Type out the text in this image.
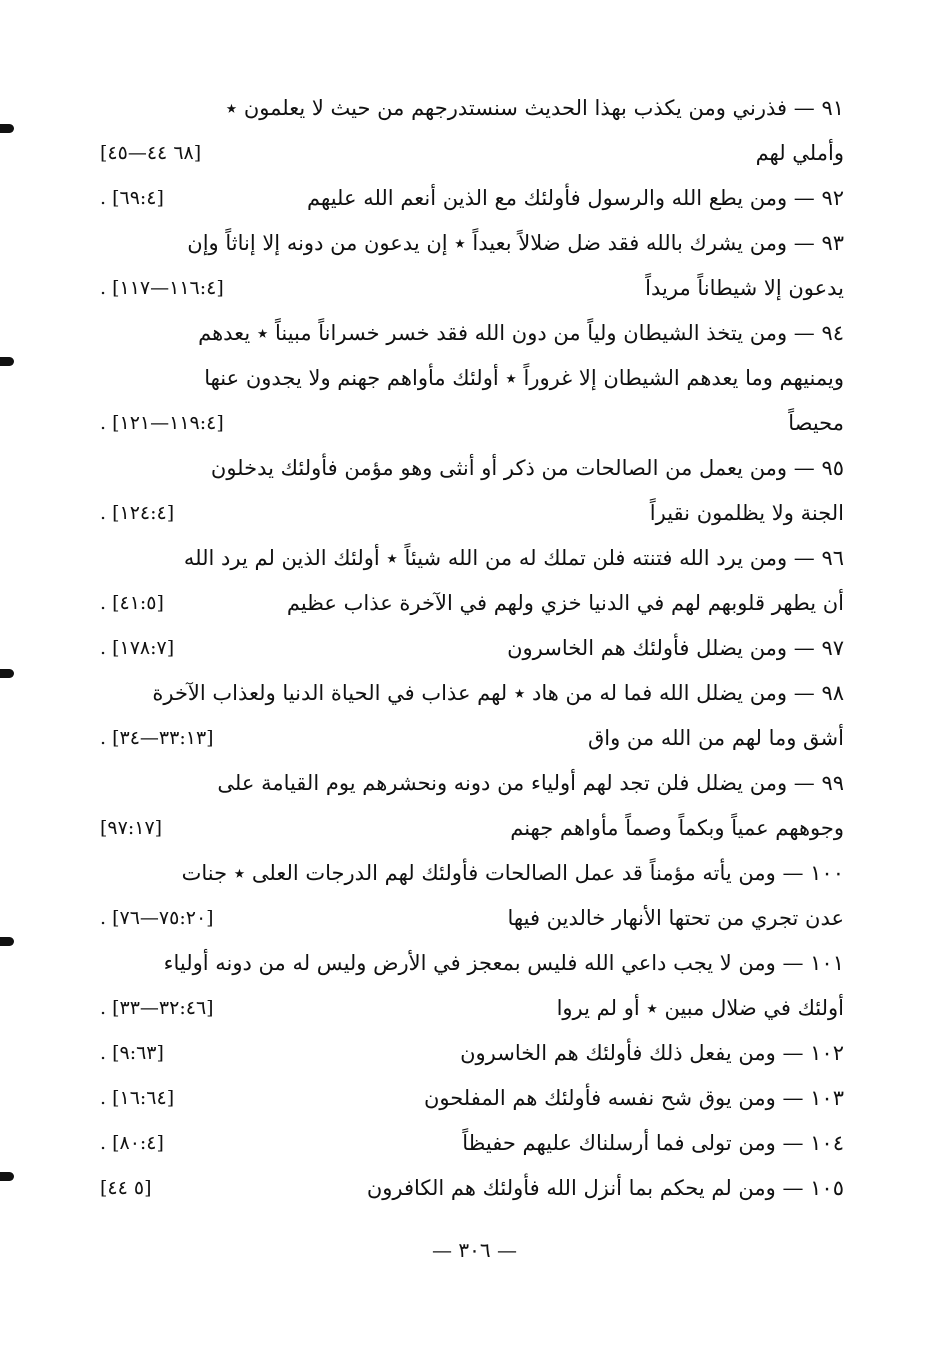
٩١ — فذرني ومن يكذب بهذا الحديث سنستدرجهم من حيث لا يعلمون ٭
وأملي لهم
[٦٨ ٤٤—٤٥]
٩٢ — ومن يطع الله والرسول فأولئك مع الذين أنعم الله عليهم
[٦٩:٤] .
٩٣ — ومن يشرك بالله فقد ضل ضلالاً بعيداً ٭ إن يدعون من دونه إلا إناثاً وإن
يدعون إلا شيطاناً مريداً
[١١٦:٤—١١٧] .
٩٤ — ومن يتخذ الشيطان ولياً من دون الله فقد خسر خسراناً مبيناً ٭ يعدهم
ويمنيهم وما يعدهم الشيطان إلا غروراً ٭ أولئك مأواهم جهنم ولا يجدون عنها
محيصاً
[١١٩:٤—١٢١] .
٩٥ — ومن يعمل من الصالحات من ذكر أو أنثى وهو مؤمن فأولئك يدخلون
الجنة ولا يظلمون نقيراً
[١٢٤:٤] .
٩٦ — ومن يرد الله فتنته فلن تملك له من الله شيئاً ٭ أولئك الذين لم يرد الله
أن يطهر قلوبهم لهم في الدنيا خزي ولهم في الآخرة عذاب عظيم
[٤١:٥] .
٩٧ — ومن يضلل فأولئك هم الخاسرون
[١٧٨:٧] .
٩٨ — ومن يضلل الله فما له من هاد ٭ لهم عذاب في الحياة الدنيا ولعذاب الآخرة
أشق وما لهم من الله من واق
[٣٣:١٣—٣٤] .
٩٩ — ومن يضلل فلن تجد لهم أولياء من دونه ونحشرهم يوم القيامة على
وجوههم عمياً وبكماً وصماً مأواهم جهنم
[٩٧:١٧]
١٠٠ — ومن يأته مؤمناً قد عمل الصالحات فأولئك لهم الدرجات العلى ٭ جنات
عدن تجري من تحتها الأنهار خالدين فيها
[٧٥:٢٠—٧٦] .
١٠١ — ومن لا يجب داعي الله فليس بمعجز في الأرض وليس له من دونه أولياء
أولئك في ضلال مبين ٭ أو لم يروا
[٣٢:٤٦—٣٣] .
١٠٢ — ومن يفعل ذلك فأولئك هم الخاسرون
[٩:٦٣] .
١٠٣ — ومن يوق شح نفسه فأولئك هم المفلحون
[١٦:٦٤] .
١٠٤ — ومن تولى فما أرسلناك عليهم حفيظاً
[٨٠:٤] .
١٠٥ — ومن لم يحكم بما أنزل الله فأولئك هم الكافرون
[٥ ٤٤]
— ٣٠٦ —
